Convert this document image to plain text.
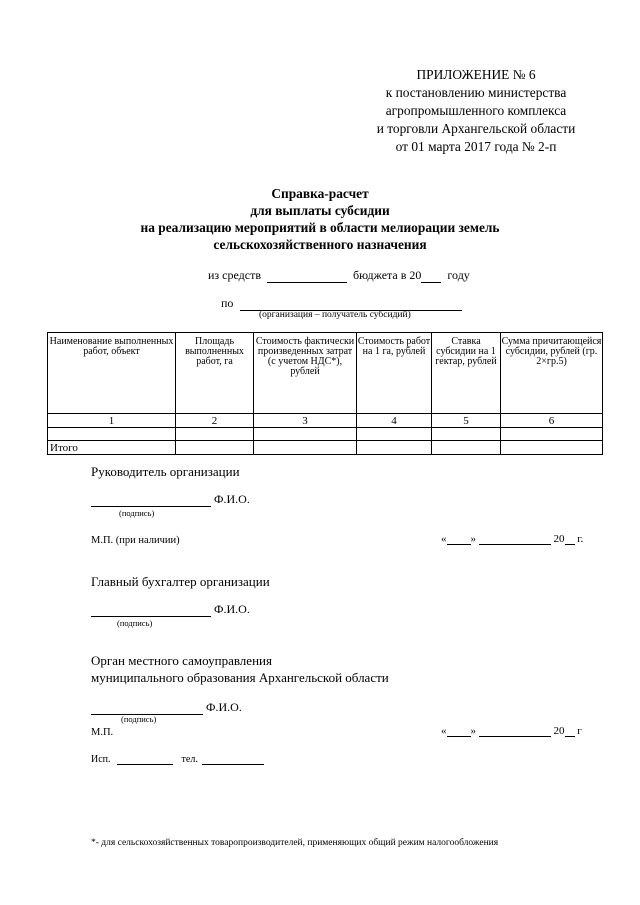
ПРИЛОЖЕНИЕ № 6
к постановлению министерства
агропромышленного комплекса
и торговли Архангельской области
от 01 марта 2017 года № 2-п
Справка-расчет
для выплаты субсидии
на реализацию мероприятий в области мелиорации земель
сельскохозяйственного назначения
из средств	бюджета в 20 году
по
(организация – получатель субсидий)
Наименование выполненных работ, объект	Площадь выполненных работ, га	Стоимость фактически произведенных затрат (с учетом НДС*), рублей	Стоимость работ на 1 га, рублей	Ставка субсидии на 1 гектар, рублей	Сумма причитающейся субсидии, рублей (гр. 2×гр.5)
1	2	3	4	5	6

Итого					
Руководитель организации
Ф.И.О.
(подпись)
М.П. (при наличии)	« »	20 г.
Главный бухгалтер организации
Ф.И.О.
(подпись)
Орган местного самоуправления
муниципального образования Архангельской области
Ф.И.О.
(подпись)
М.П.	« »	20 г
Исп.	тел.
*- для сельскохозяйственных товаропроизводителей, применяющих общий режим налогообложения
